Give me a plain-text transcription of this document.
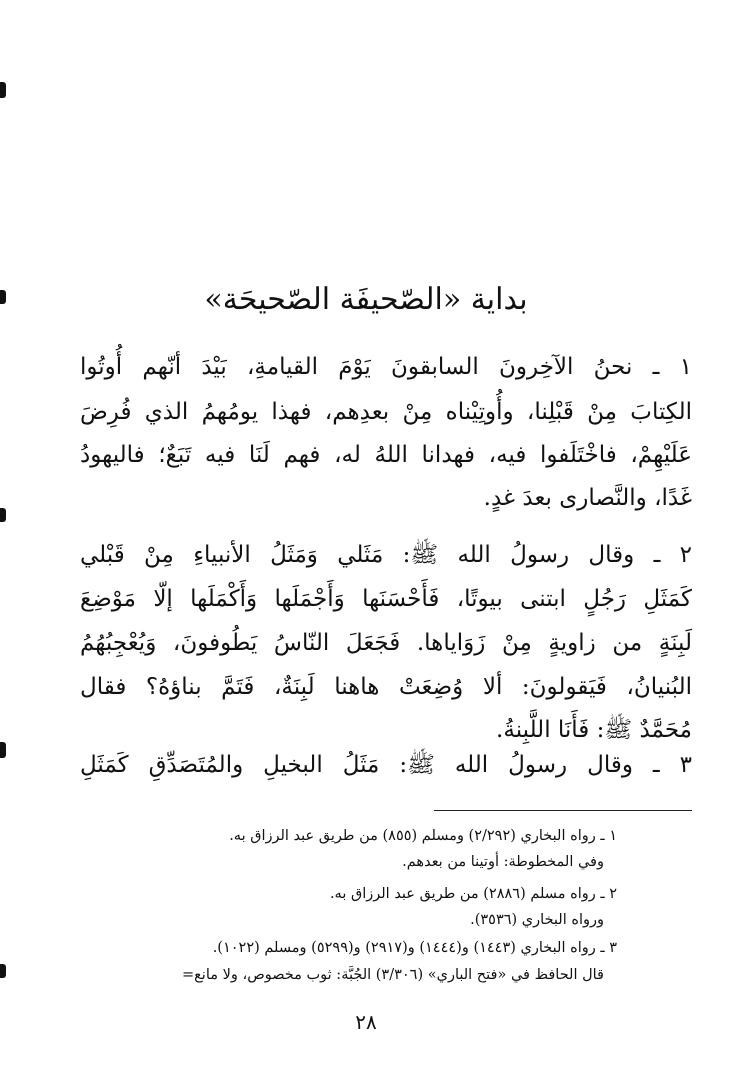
بداية «الصّحيفَة الصّحيحَة»
١ ـ نحنُ الآخِرونَ السابقونَ يَوْمَ القيامةِ، بَيْدَ أنّهم أُوتُوا
الكِتابَ مِنْ قَبْلِنا، وأُوتِيْناه مِنْ بعدِهم، فهذا يومُهمُ الذي فُرِضَ
عَلَيْهِمْ، فاخْتَلَفوا فيه، فهدانا اللهُ له، فهم لَنَا فيه تَبَعٌ؛ فاليهودُ
غَدًا، والنَّصارى بعدَ غدٍ.
٢ ـ وقال رسولُ الله ﷺ: مَثَلي وَمَثَلُ الأنبياءِ مِنْ قَبْلي
كَمَثَلِ رَجُلٍ ابتنى بيوتًا، فَأَحْسَنَها وَأَجْمَلَها وَأَكْمَلَها إلّا مَوْضِعَ
لَبِنَةٍ من زاويةٍ مِنْ زَوَاياها. فَجَعَلَ النّاسُ يَطُوفونَ، وَيُعْجِبُهُمُ
البُنيانُ، فَيَقولونَ: ألا وُضِعَتْ هاهنا لَبِنَةٌ، فَتَمَّ بناؤهُ؟ فقال
مُحَمَّدٌ ﷺ: فَأَنَا اللَّبِنةُ.
٣ ـ وقال رسولُ الله ﷺ: مَثَلُ البخيلِ والمُتَصَدِّقِ كَمَثَلِ
١ ـ رواه البخاري (٢/٢٩٢) ومسلم (٨٥٥) من طريق عبد الرزاق به.
وفي المخطوطة: أوتينا من بعدهم.
٢ ـ رواه مسلم (٢٨٨٦) من طريق عبد الرزاق به.
ورواه البخاري (٣٥٣٦).
٣ ـ رواه البخاري (١٤٤٣) و(١٤٤٤) و(٢٩١٧) و(٥٢٩٩) ومسلم (١٠٢٢).
قال الحافظ في «فتح الباري» (٣/٣٠٦) الجُبَّة: ثوب مخصوص، ولا مانع=
٢٨
